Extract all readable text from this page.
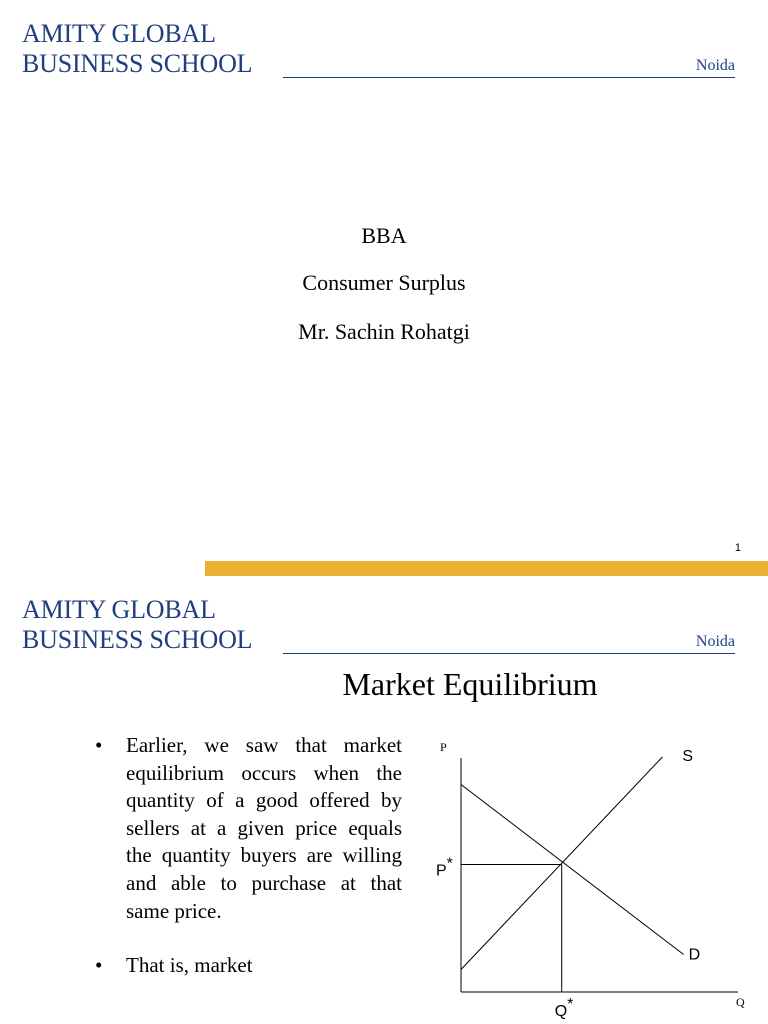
AMITY GLOBAL
BUSINESS SCHOOL	Noida
BBA
Consumer Surplus
Mr. Sachin Rohatgi
1
AMITY GLOBAL
BUSINESS SCHOOL	Noida
Market Equilibrium
• Earlier, we saw that market equilibrium occurs when the quantity of a good offered by sellers at a given price equals the quantity buyers are willing and able to purchase at that same price.
• That is, market
P
Q
S
D
P*
Q*
